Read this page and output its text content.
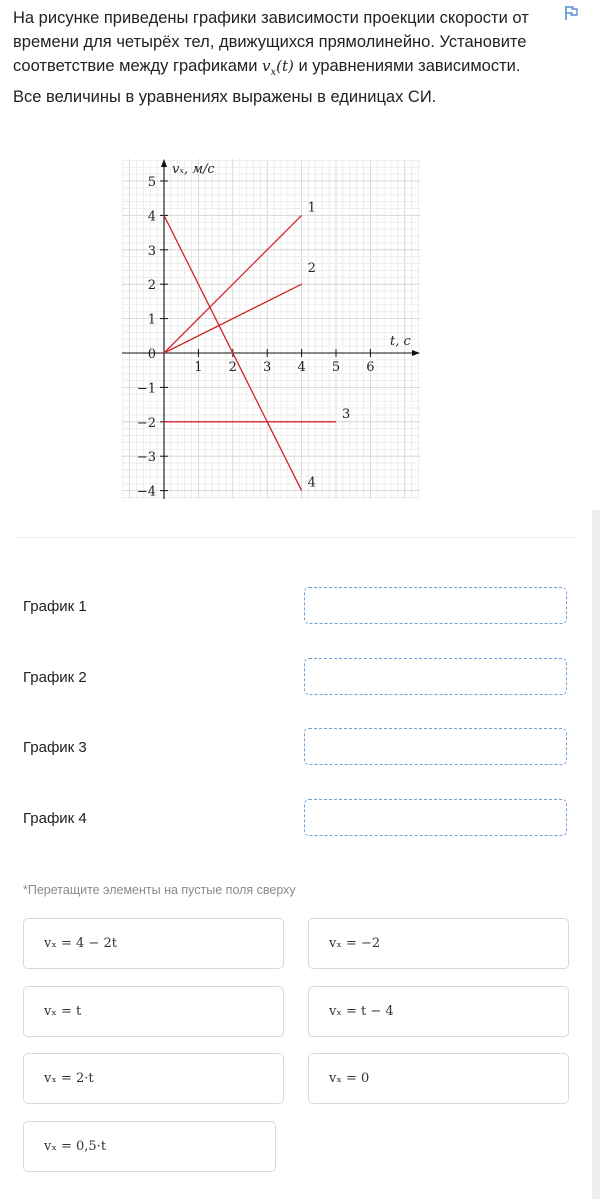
На рисунке приведены графики зависимости проекции скорости от времени для четырёх тел, движущихся прямолинейно. Установите соответствие между графиками $v_x(t)$ и уравнениями зависимости. Все величины в уравнениях выражены в единицах СИ.
1 2 3 4 5 6
5
4
3
2
1
0
−1
−2
−3
−4
vₓ, м/с
t, с
1
2
3
4
График 1
График 2
График 3
График 4
*Перетащите элементы на пустые поля сверху
vₓ = 4 − 2t	vₓ = −2
vₓ = t	vₓ = t − 4
vₓ = 2·t	vₓ = 0
vₓ = 0,5·t
